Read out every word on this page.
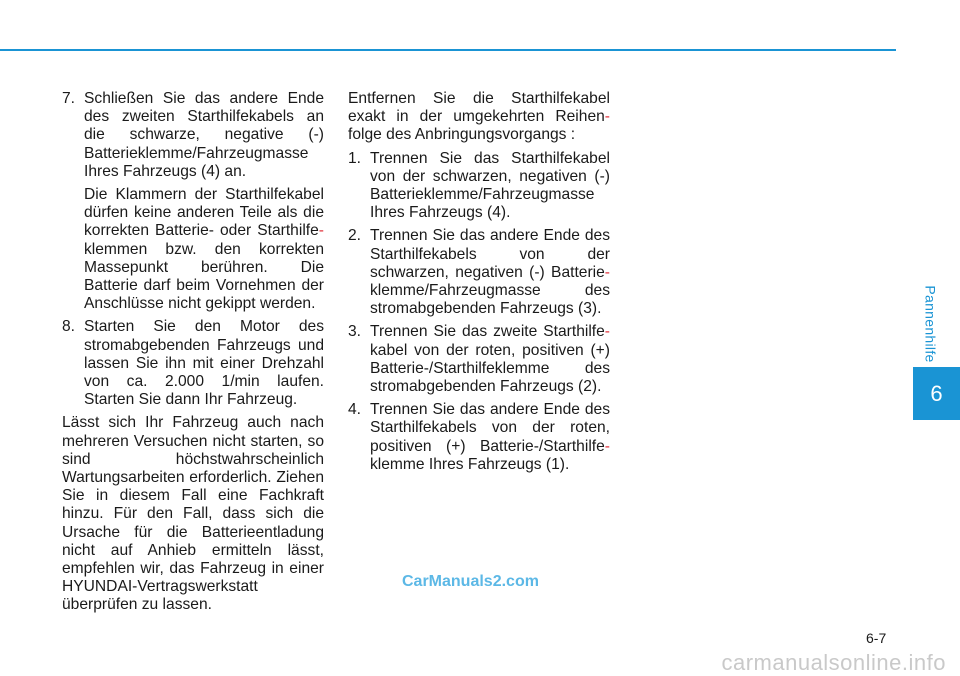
7. Schließen Sie das andere Ende des zweiten Starthilfekabels an die schwarze, negative (-) Batterieklemme/Fahrzeugmasse Ihres Fahrzeugs (4) an.
Die Klammern der Starthilfekabel dürfen keine anderen Teile als die korrekten Batterie- oder Starthilfe- klemmen bzw. den korrekten Massepunkt berühren. Die Batterie darf beim Vornehmen der Anschlüsse nicht gekippt werden.
8. Starten Sie den Motor des stromabgebenden Fahrzeugs und lassen Sie ihn mit einer Drehzahl von ca. 2.000 1/min laufen. Starten Sie dann Ihr Fahrzeug.
Lässt sich Ihr Fahrzeug auch nach mehreren Versuchen nicht starten, so sind höchstwahrscheinlich Wartungsarbeiten erforderlich. Ziehen Sie in diesem Fall eine Fachkraft hinzu. Für den Fall, dass sich die Ursache für die Batterieentladung nicht auf Anhieb ermitteln lässt, empfehlen wir, das Fahrzeug in einer HYUNDAI-Vertragswerkstatt überprüfen zu lassen.
Entfernen Sie die Starthilfekabel exakt in der umgekehrten Reihen- folge des Anbringungsvorgangs :
1. Trennen Sie das Starthilfekabel von der schwarzen, negativen (-) Batterieklemme/Fahrzeugmasse Ihres Fahrzeugs (4).
2. Trennen Sie das andere Ende des Starthilfekabels von der schwarzen, negativen (-) Batterie- klemme/Fahrzeugmasse des stromabgebenden Fahrzeugs (3).
3. Trennen Sie das zweite Starthilfe- kabel von der roten, positiven (+) Batterie-/Starthilfeklemme des stromabgebenden Fahrzeugs (2).
4. Trennen Sie das andere Ende des Starthilfekabels von der roten, positiven (+) Batterie-/Starthilfe- klemme Ihres Fahrzeugs (1).
Pannenhilfe
6
CarManuals2.com
6-7
carmanualsonline.info
